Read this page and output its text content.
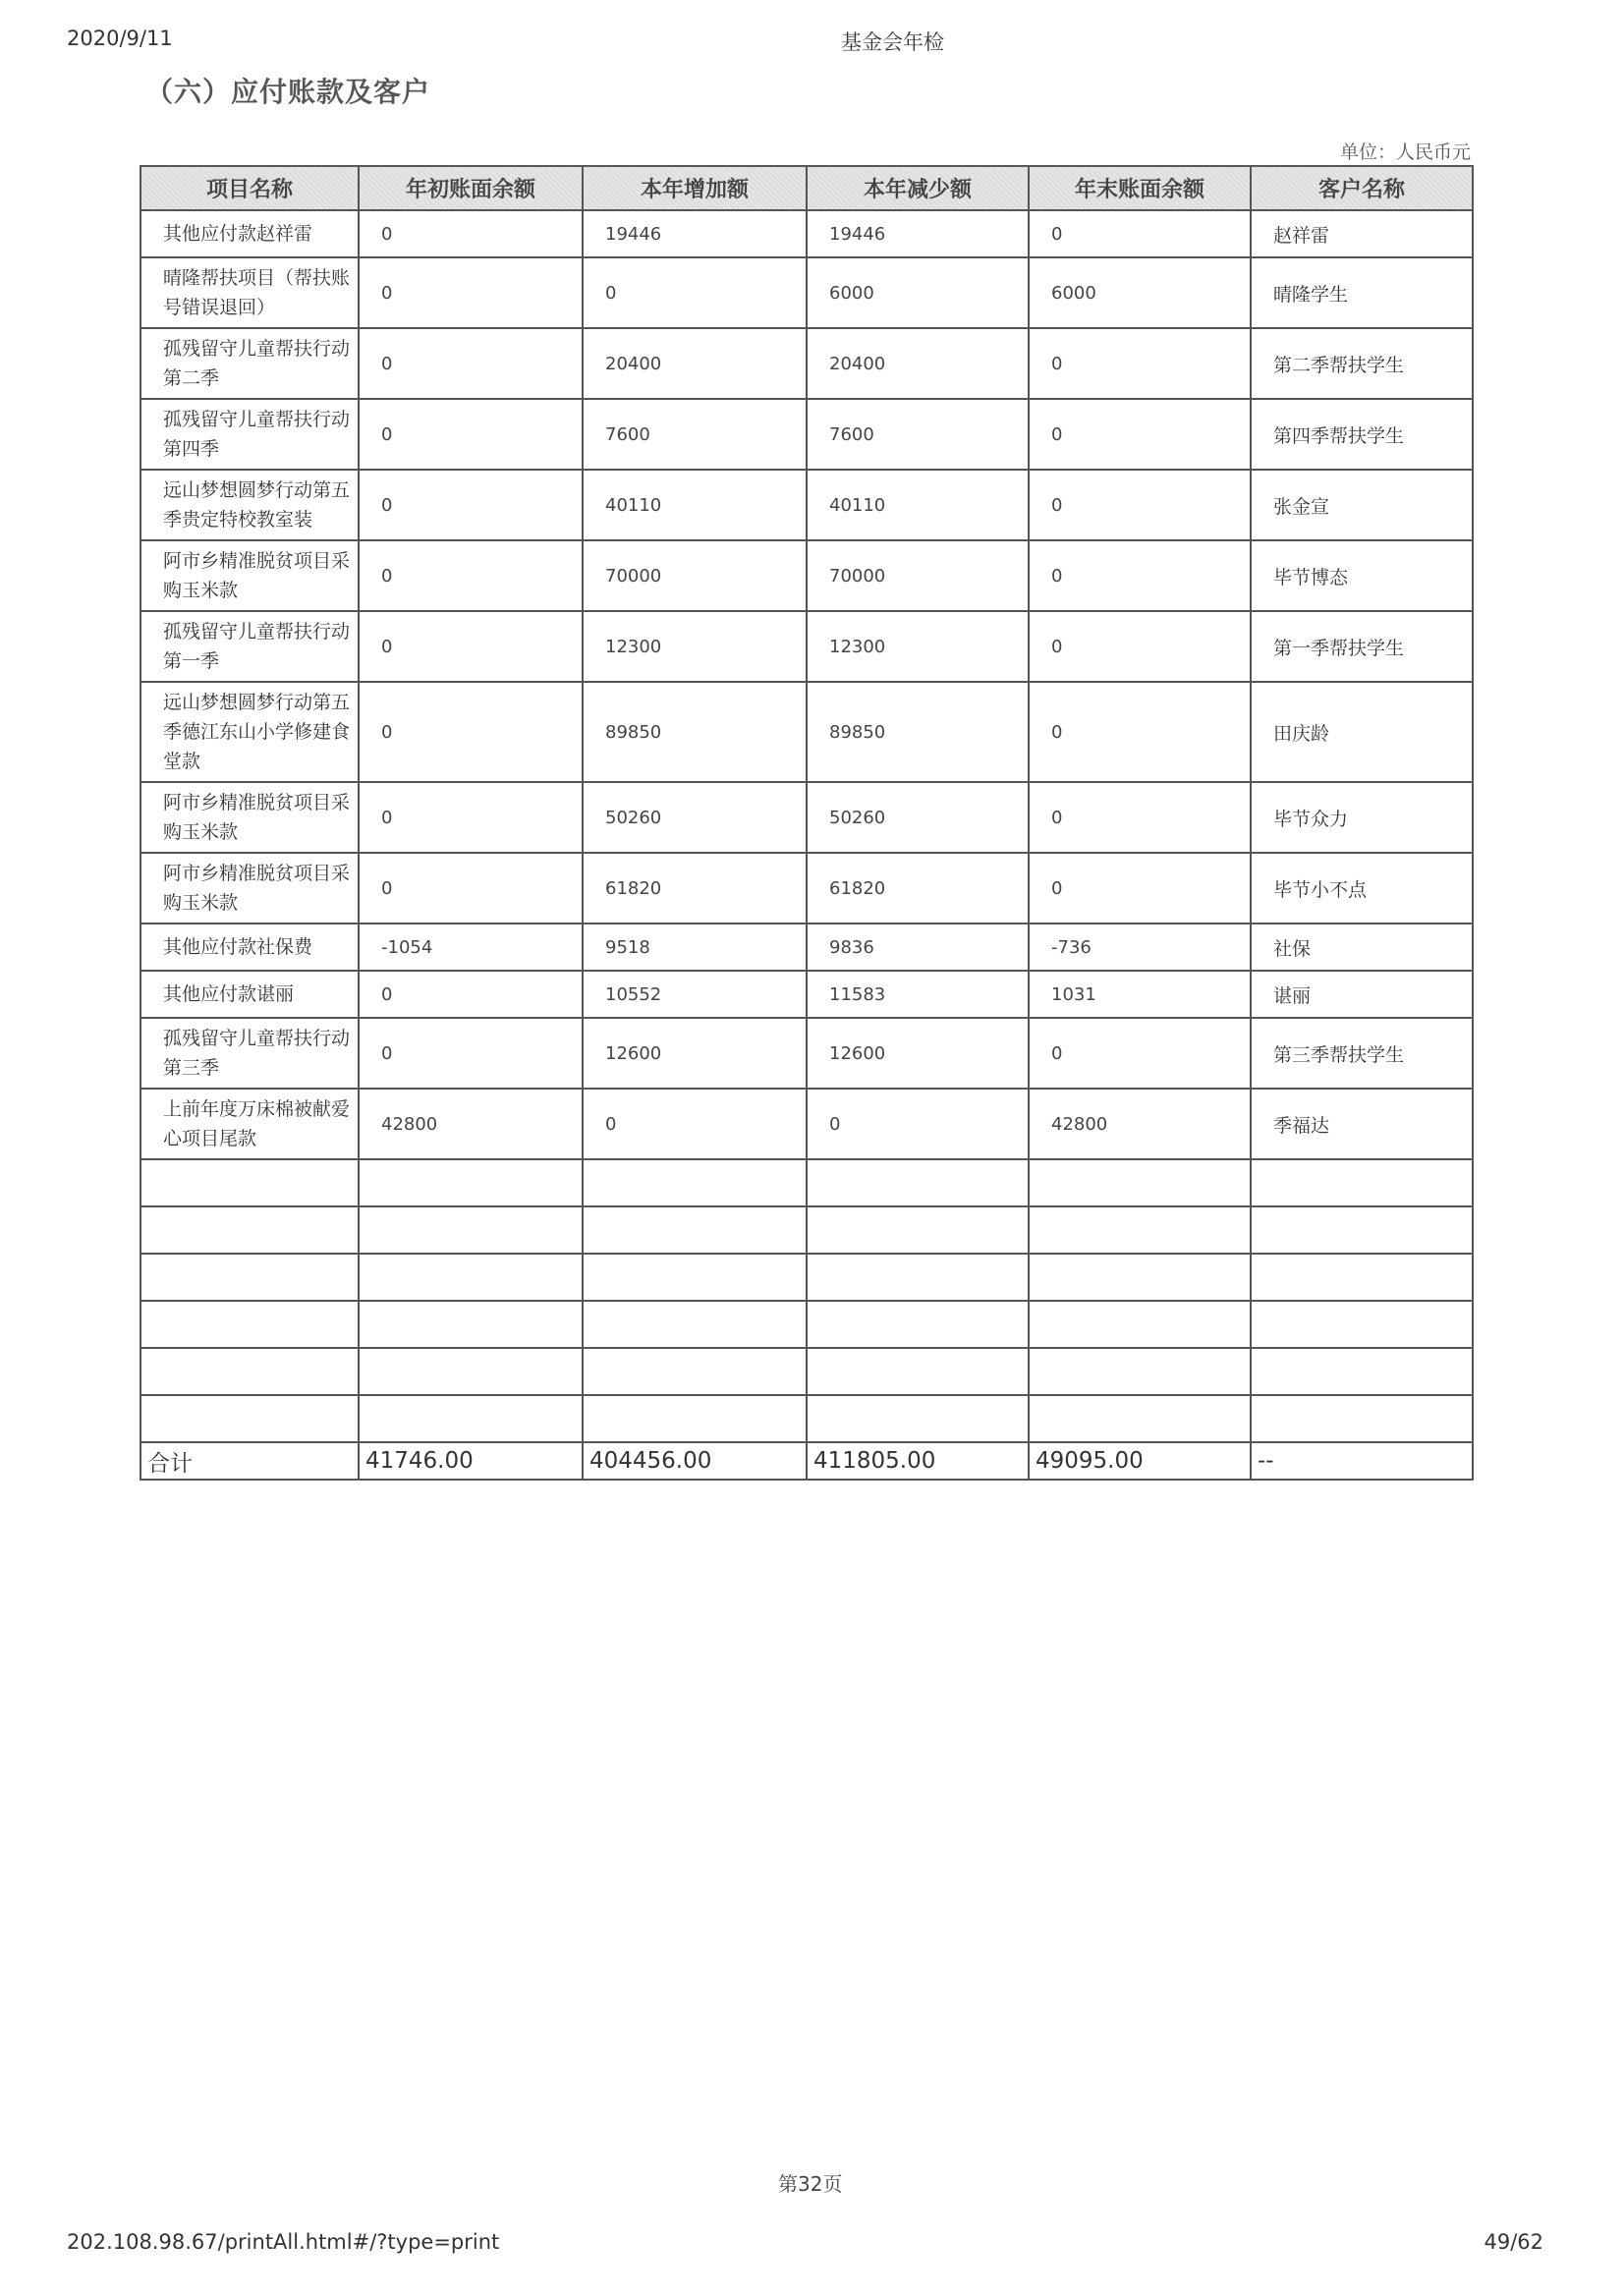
2020/9/11	基金会年检
（六）应付账款及客户
单位：人民币元
项目名称	年初账面余额	本年增加额	本年减少额	年末账面余额	客户名称
其他应付款赵祥雷	0	19446	19446	0	赵祥雷
晴隆帮扶项目（帮扶账号错误退回）	0	0	6000	6000	晴隆学生
孤残留守儿童帮扶行动第二季	0	20400	20400	0	第二季帮扶学生
孤残留守儿童帮扶行动第四季	0	7600	7600	0	第四季帮扶学生
远山梦想圆梦行动第五季贵定特校教室装	0	40110	40110	0	张金宣
阿市乡精准脱贫项目采购玉米款	0	70000	70000	0	毕节博态
孤残留守儿童帮扶行动第一季	0	12300	12300	0	第一季帮扶学生
远山梦想圆梦行动第五季德江东山小学修建食堂款	0	89850	89850	0	田庆龄
阿市乡精准脱贫项目采购玉米款	0	50260	50260	0	毕节众力
阿市乡精准脱贫项目采购玉米款	0	61820	61820	0	毕节小不点
其他应付款社保费	-1054	9518	9836	-736	社保
其他应付款谌丽	0	10552	11583	1031	谌丽
孤残留守儿童帮扶行动第三季	0	12600	12600	0	第三季帮扶学生
上前年度万床棉被献爱心项目尾款	42800	0	0	42800	季福达

合计	41746.00	404456.00	411805.00	49095.00	--
第32页
202.108.98.67/printAll.html#/?type=print	49/62
